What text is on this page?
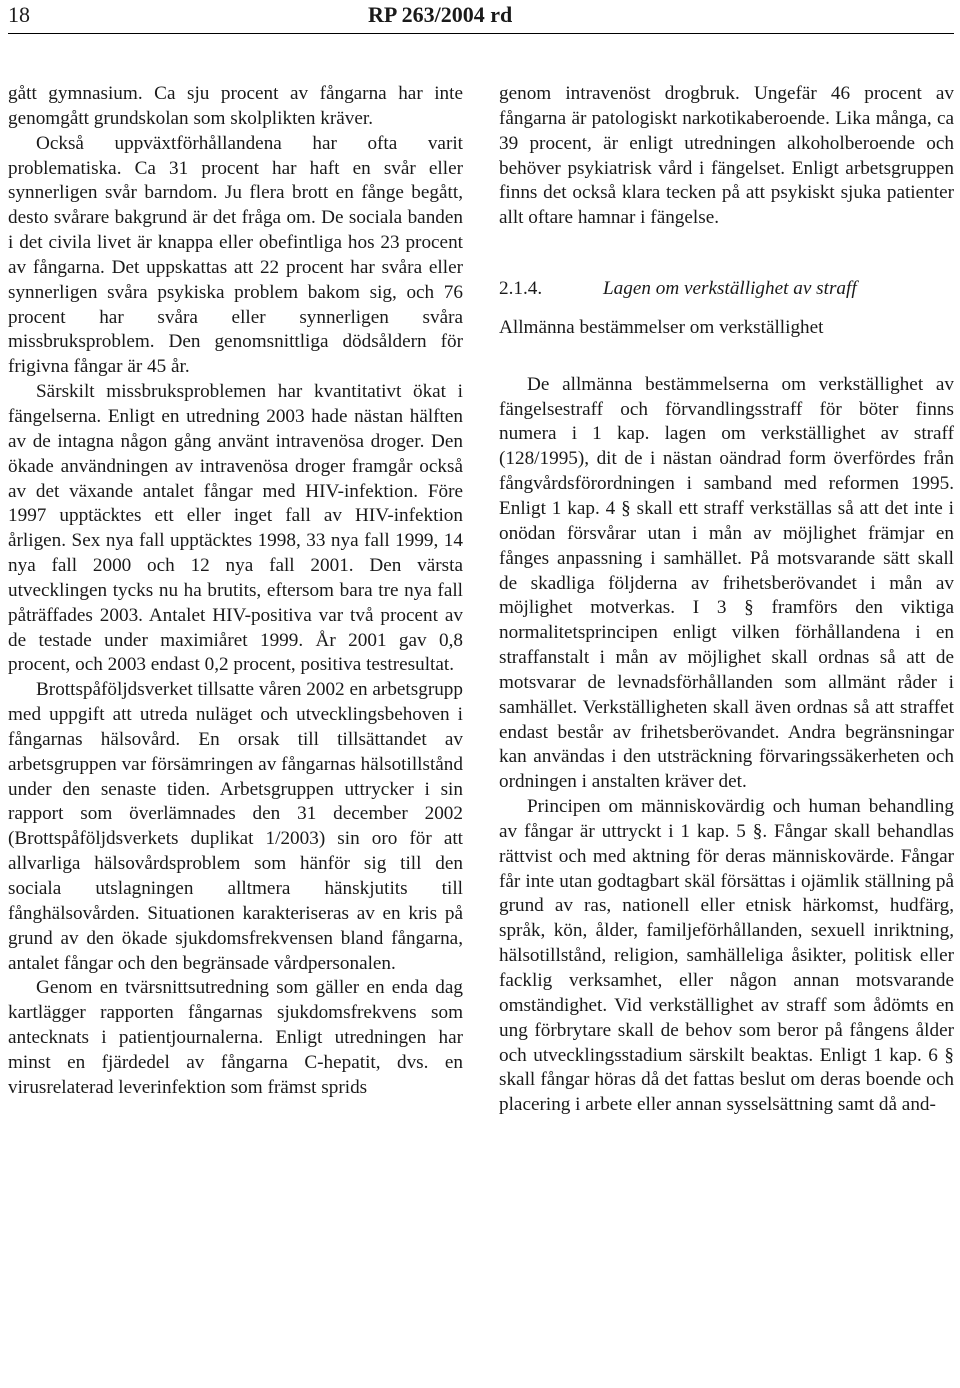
18	RP 263/2004 rd

gått gymnasium. Ca sju procent av fångarna har inte genomgått grundskolan som skolplikten kräver.

Också uppväxtförhållandena har ofta varit problematiska. Ca 31 procent har haft en svår eller synnerligen svår barndom. Ju flera brott en fånge begått, desto svårare bakgrund är det fråga om. De sociala banden i det civila livet är knappa eller obefintliga hos 23 procent av fångarna. Det uppskattas att 22 procent har svåra eller synnerligen svåra psykiska problem bakom sig, och 76 procent har svåra eller synnerligen svåra missbruksproblem. Den genomsnittliga dödsåldern för frigivna fångar är 45 år.

Särskilt missbruksproblemen har kvantitativt ökat i fängelserna. Enligt en utredning 2003 hade nästan hälften av de intagna någon gång använt intravenösa droger. Den ökade användningen av intravenösa droger framgår också av det växande antalet fångar med HIV-infektion. Före 1997 upptäcktes ett eller inget fall av HIV-infektion årligen. Sex nya fall upptäcktes 1998, 33 nya fall 1999, 14 nya fall 2000 och 12 nya fall 2001. Den värsta utvecklingen tycks nu ha brutits, eftersom bara tre nya fall påträffades 2003. Antalet HIV-positiva var två procent av de testade under maximiåret 1999. År 2001 gav 0,8 procent, och 2003 endast 0,2 procent, positiva testresultat.

Brottspåföljdsverket tillsatte våren 2002 en arbetsgrupp med uppgift att utreda nuläget och utvecklingsbehoven i fångarnas hälsovård. En orsak till tillsättandet av arbetsgruppen var försämringen av fångarnas hälsotillstånd under den senaste tiden. Arbetsgruppen uttrycker i sin rapport som överlämnades den 31 december 2002 (Brottspåföljdsverkets duplikat 1/2003) sin oro för att allvarliga hälsovårdsproblem som hänför sig till den sociala utslagningen alltmera hänskjutits till fånghälsovården. Situationen karakteriseras av en kris på grund av den ökade sjukdomsfrekvensen bland fångarna, antalet fångar och den begränsade vårdpersonalen.

Genom en tvärsnittsutredning som gäller en enda dag kartlägger rapporten fångarnas sjukdomsfrekvens som antecknats i patientjournalerna. Enligt utredningen har minst en fjärdedel av fångarna C-hepatit, dvs. en virusrelaterad leverinfektion som främst sprids

genom intravenöst drogbruk. Ungefär 46 procent av fångarna är patologiskt narkotikaberoende. Lika många, ca 39 procent, är enligt utredningen alkoholberoende och behöver psykiatrisk vård i fängelset. Enligt arbetsgruppen finns det också klara tecken på att psykiskt sjuka patienter allt oftare hamnar i fängelse.

2.1.4.	Lagen om verkställighet av straff
Allmänna bestämmelser om verkställighet

De allmänna bestämmelserna om verkställighet av fängelsestraff och förvandlingsstraff för böter finns numera i 1 kap. lagen om verkställighet av straff (128/1995), dit de i nästan oändrad form överfördes från fångvårdsförordningen i samband med reformen 1995. Enligt 1 kap. 4 § skall ett straff verkställas så att det inte i onödan försvårar utan i mån av möjlighet främjar en fånges anpassning i samhället. På motsvarande sätt skall de skadliga följderna av frihetsberövandet i mån av möjlighet motverkas. I 3 § framförs den viktiga normalitetsprincipen enligt vilken förhållandena i en straffanstalt i mån av möjlighet skall ordnas så att de motsvarar de levnadsförhållanden som allmänt råder i samhället. Verkställigheten skall även ordnas så att straffet endast består av frihetsberövandet. Andra begränsningar kan användas i den utsträckning förvaringssäkerheten och ordningen i anstalten kräver det.

Principen om människovärdig och human behandling av fångar är uttryckt i 1 kap. 5 §. Fångar skall behandlas rättvist och med aktning för deras människovärde. Fångar får inte utan godtagbart skäl försättas i ojämlik ställning på grund av ras, nationell eller etnisk härkomst, hudfärg, språk, kön, ålder, familjeförhållanden, sexuell inriktning, hälsotillstånd, religion, samhälleliga åsikter, politisk eller facklig verksamhet, eller någon annan motsvarande omständighet. Vid verkställighet av straff som ådömts en ung förbrytare skall de behov som beror på fångens ålder och utvecklingsstadium särskilt beaktas. Enligt 1 kap. 6 § skall fångar höras då det fattas beslut om deras boende och placering i arbete eller annan sysselsättning samt då and-
